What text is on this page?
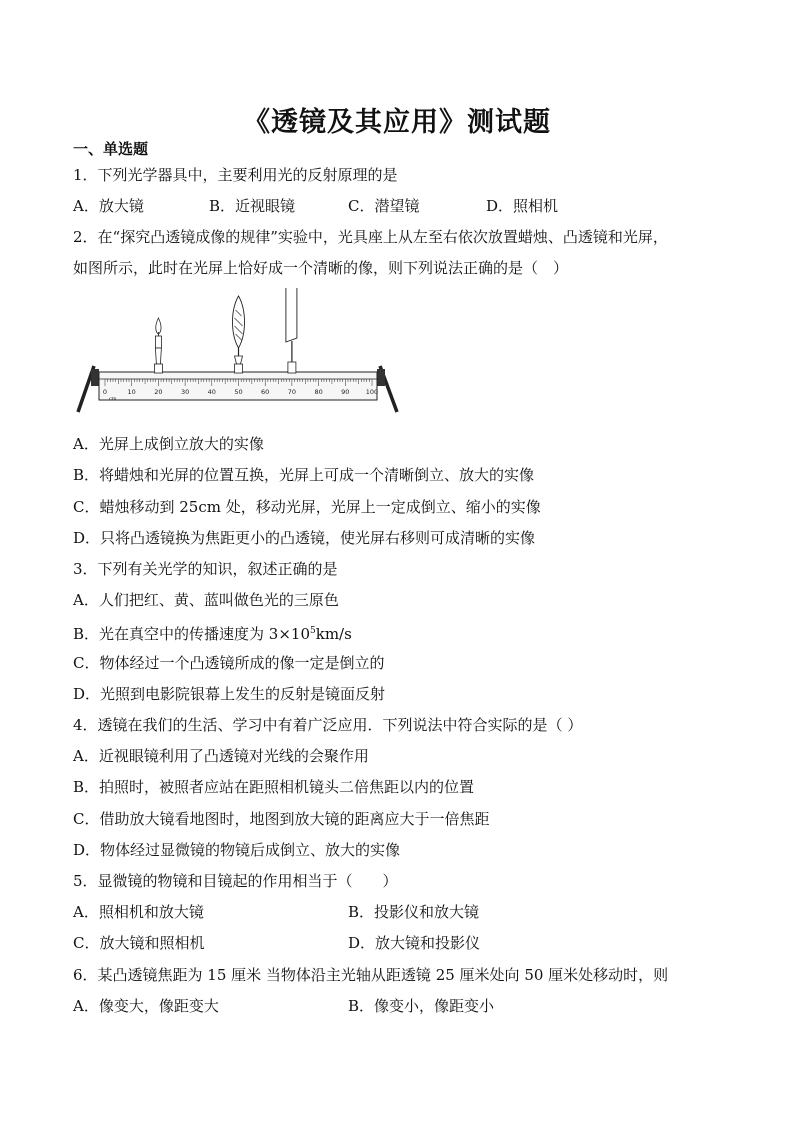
《透镜及其应用》测试题
一、单选题
1．下列光学器具中，主要利用光的反射原理的是
A．放大镜	B．近视眼镜	C．潜望镜	D．照相机
2．在“探究凸透镜成像的规律”实验中，光具座上从左至右依次放置蜡烛、凸透镜和光屏，
如图所示，此时在光屏上恰好成一个清晰的像，则下列说法正确的是（　）
0	10	20	30	40	50	60	70	80	90	100
cm
A．光屏上成倒立放大的实像
B．将蜡烛和光屏的位置互换，光屏上可成一个清晰倒立、放大的实像
C．蜡烛移动到 25cm 处，移动光屏，光屏上一定成倒立、缩小的实像
D．只将凸透镜换为焦距更小的凸透镜，使光屏右移则可成清晰的实像
3．下列有关光学的知识，叙述正确的是
A．人们把红、黄、蓝叫做色光的三原色
B．光在真空中的传播速度为 $3\times 10^5km/s$
C．物体经过一个凸透镜所成的像一定是倒立的
D．光照到电影院银幕上发生的反射是镜面反射
4．透镜在我们的生活、学习中有着广泛应用．下列说法中符合实际的是（ ）
A．近视眼镜利用了凸透镜对光线的会聚作用
B．拍照时，被照者应站在距照相机镜头二倍焦距以内的位置
C．借助放大镜看地图时，地图到放大镜的距离应大于一倍焦距
D．物体经过显微镜的物镜后成倒立、放大的实像
5．显微镜的物镜和目镜起的作用相当于（　　）
A．照相机和放大镜	B．投影仪和放大镜
C．放大镜和照相机	D．放大镜和投影仪
6．某凸透镜焦距为 15 厘米 当物体沿主光轴从距透镜 25 厘米处向 50 厘米处移动时，则
A．像变大，像距变大	B．像变小，像距变小
